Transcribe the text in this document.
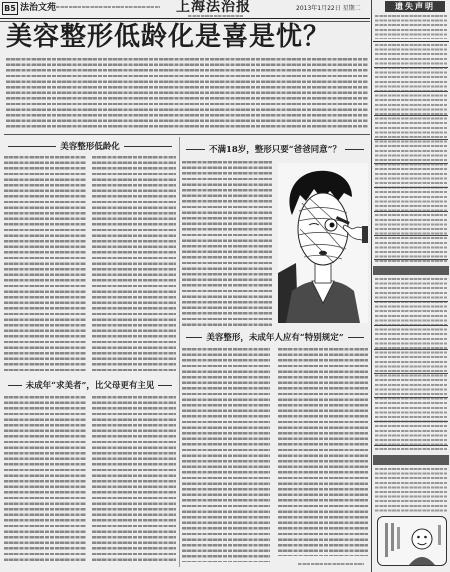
B5 法治文苑	上海法治报	2013年1月22日 星期二	遗失声明
美容整形低龄化是喜是忧？
美容整形低龄化
未成年“求美者”，比父母更有主见
不满18岁，整形只要“爸爸同意”？
美容整形，未成年人应有“特别规定”
